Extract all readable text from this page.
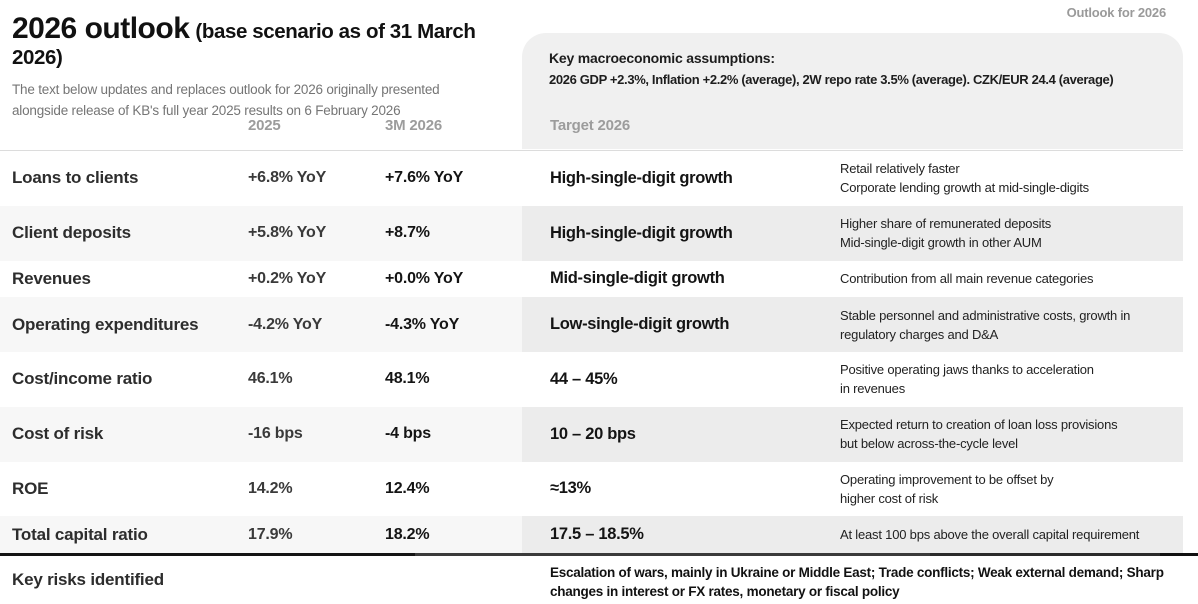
Outlook for 2026
Key macroeconomic assumptions:
2026 GDP +2.3%, Inflation +2.2% (average), 2W repo rate 3.5% (average). CZK/EUR 24.4 (average)
2026 outlook (base scenario as of 31 March 2026)
The text below updates and replaces outlook for 2026 originally presented
alongside release of KB's full year 2025 results on 6 February 2026
2025	3M 2026	Target 2026
Loans to clients	+6.8% YoY	+7.6% YoY	High-single-digit growth	Retail relatively faster
Corporate lending growth at mid-single-digits
Client deposits	+5.8% YoY	+8.7%	High-single-digit growth	Higher share of remunerated deposits
Mid-single-digit growth in other AUM
Revenues	+0.2% YoY	+0.0% YoY	Mid-single-digit growth	Contribution from all main revenue categories
Operating expenditures	-4.2% YoY	-4.3% YoY	Low-single-digit growth	Stable personnel and administrative costs, growth in
regulatory charges and D&A
Cost/income ratio	46.1%	48.1%	44 – 45%	Positive operating jaws thanks to acceleration
in revenues
Cost of risk	-16 bps	-4 bps	10 – 20 bps	Expected return to creation of loan loss provisions
but below across-the-cycle level
ROE	14.2%	12.4%	≈13%	Operating improvement to be offset by
higher cost of risk
Total capital ratio	17.9%	18.2%	17.5 – 18.5%	At least 100 bps above the overall capital requirement
Key risks identified	Escalation of wars, mainly in Ukraine or Middle East; Trade conflicts; Weak external demand; Sharp
changes in interest or FX rates, monetary or fiscal policy
